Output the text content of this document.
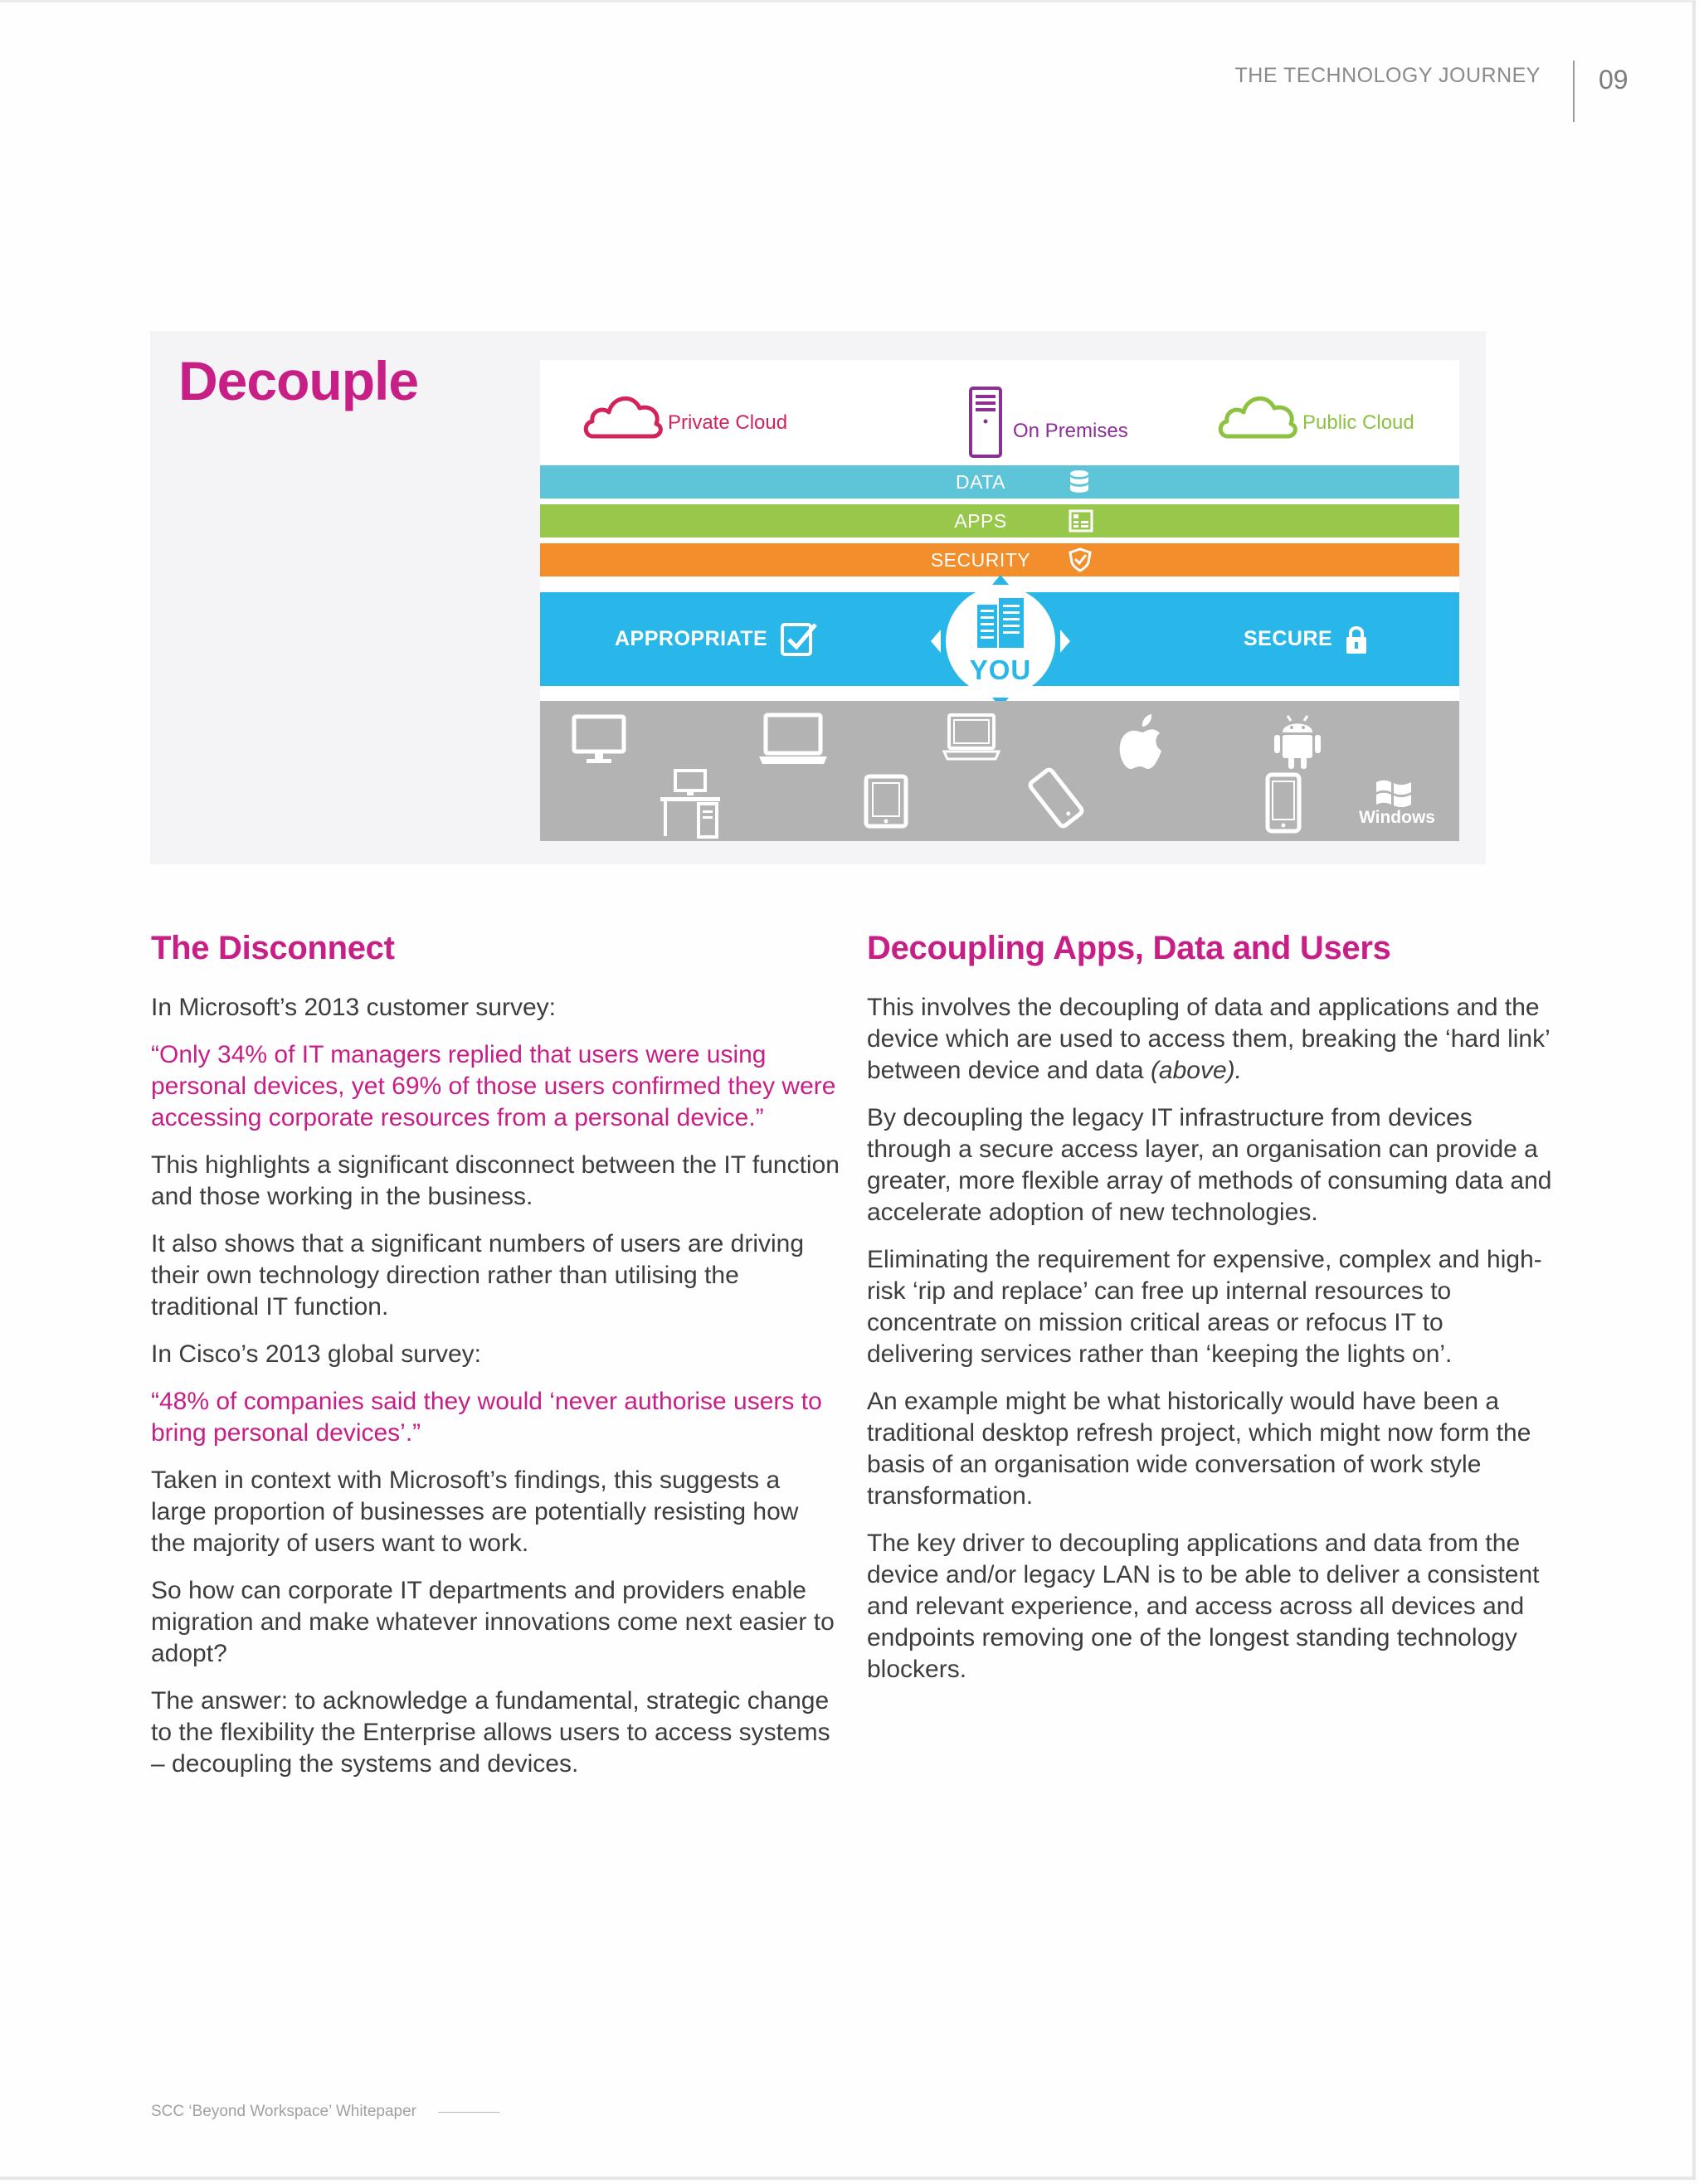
THE TECHNOLOGY JOURNEY 09
Decouple
Private Cloud	On Premises	Public Cloud
DATA
APPS
SECURITY
APPROPRIATE	SECURE
YOU
Windows
The Disconnect

In Microsoft’s 2013 customer survey:

“Only 34% of IT managers replied that users were using personal devices, yet 69% of those users confirmed they were accessing corporate resources from a personal device.”

This highlights a significant disconnect between the IT function and those working in the business.

It also shows that a significant numbers of users are driving their own technology direction rather than utilising the traditional IT function.

In Cisco’s 2013 global survey:

“48% of companies said they would ‘never authorise users to bring personal devices’.”

Taken in context with Microsoft’s findings, this suggests a large proportion of businesses are potentially resisting how the majority of users want to work.

So how can corporate IT departments and providers enable migration and make whatever innovations come next easier to adopt?

The answer: to acknowledge a fundamental, strategic change to the flexibility the Enterprise allows users to access systems – decoupling the systems and devices.

Decoupling Apps, Data and Users

This involves the decoupling of data and applications and the device which are used to access them, breaking the ‘hard link’ between device and data (above).

By decoupling the legacy IT infrastructure from devices through a secure access layer, an organisation can provide a greater, more flexible array of methods of consuming data and accelerate adoption of new technologies.

Eliminating the requirement for expensive, complex and high-risk ‘rip and replace’ can free up internal resources to concentrate on mission critical areas or refocus IT to delivering services rather than ‘keeping the lights on’.

An example might be what historically would have been a traditional desktop refresh project, which might now form the basis of an organisation wide conversation of work style transformation.

The key driver to decoupling applications and data from the device and/or legacy LAN is to be able to deliver a consistent and relevant experience, and access across all devices and endpoints removing one of the longest standing technology blockers.

SCC ‘Beyond Workspace’ Whitepaper
